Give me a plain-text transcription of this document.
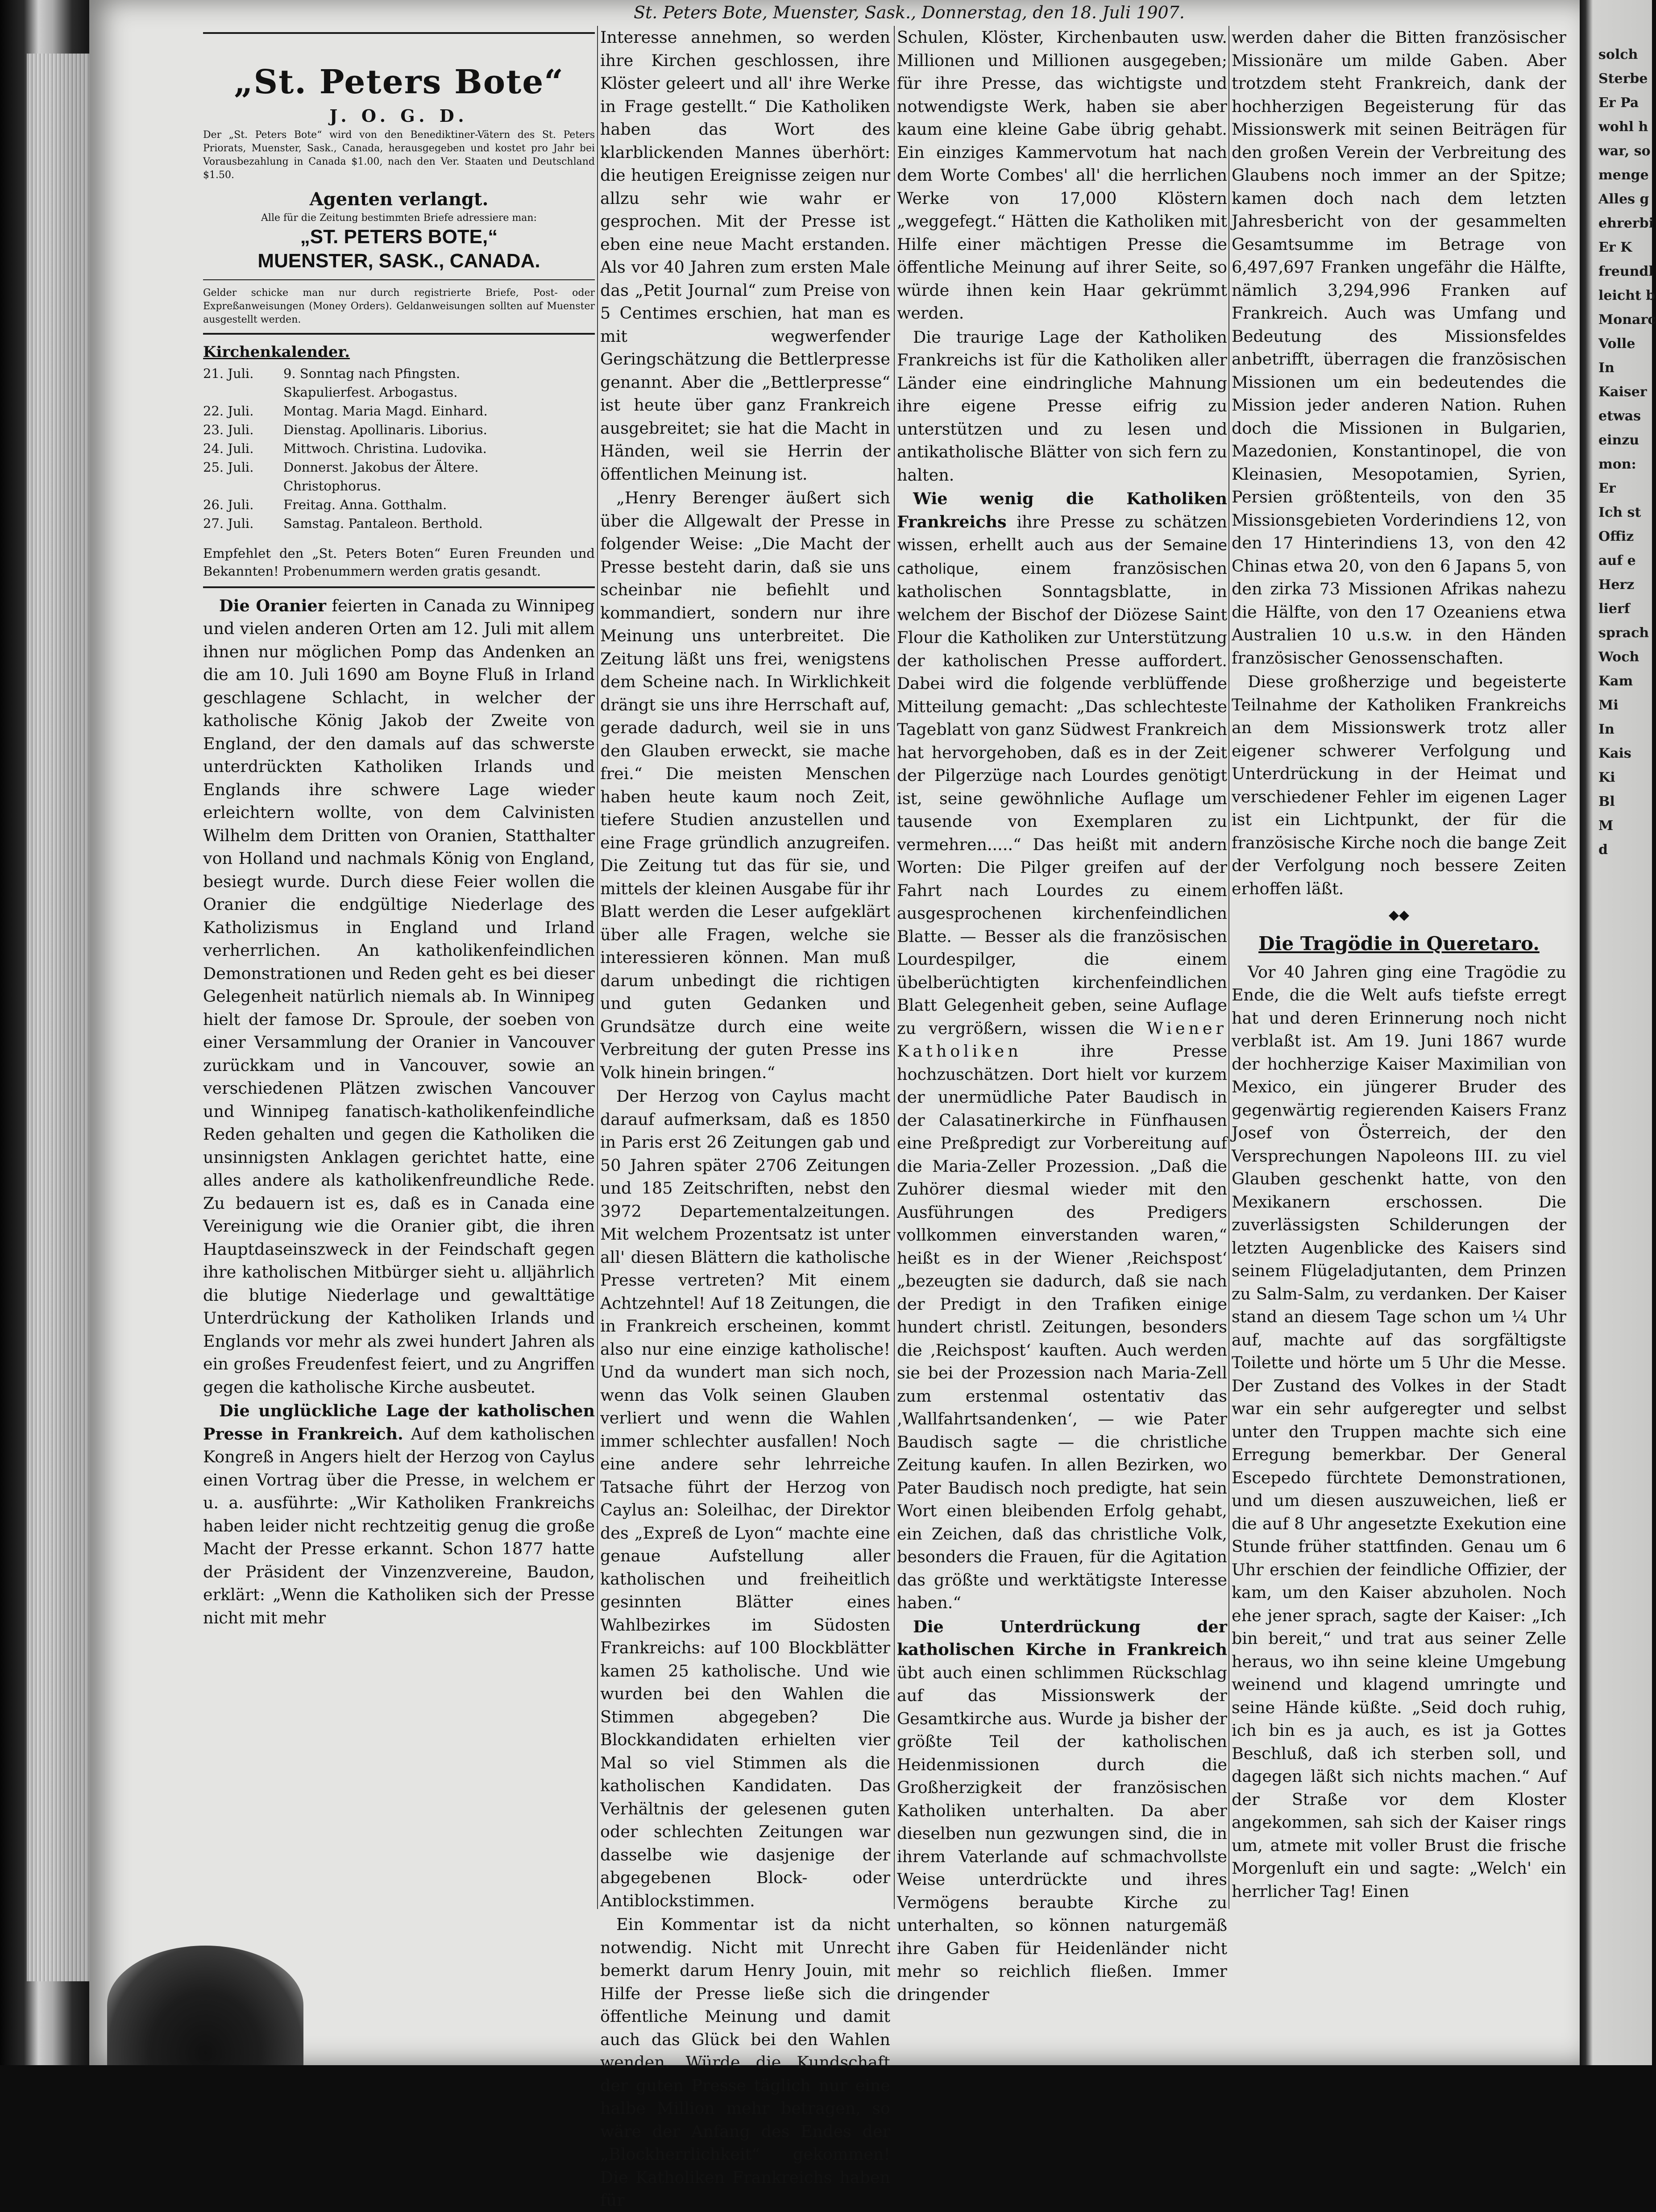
St. Peters Bote, Muenster, Sask., Donnerstag, den 18. Juli 1907.
„St. Peters Bote“
J. O. G. D.
Der „St. Peters Bote“ wird von den Benediktiner-Vätern des St. Peters Priorats, Muenster, Sask., Canada, herausgegeben und kostet pro Jahr bei Vorausbezahlung in Canada $1.00, nach den Ver. Staaten und Deutschland $1.50.
Agenten verlangt.
Alle für die Zeitung bestimmten Briefe adressiere man:
„ST. PETERS BOTE,“
MUENSTER, SASK., CANADA.
Gelder schicke man nur durch registrierte Briefe, Post- oder Expreßanweisungen (Money Orders). Geldanweisungen sollten auf Muenster ausgestellt werden.
Kirchenkalender.
21. Juli. 9. Sonntag nach Pfingsten.
Skapulierfest. Arbogastus.
22. Juli. Montag. Maria Magd. Einhard.
23. Juli. Dienstag. Apollinaris. Liborius.
24. Juli. Mittwoch. Christina. Ludovika.
25. Juli. Donnerst. Jakobus der Ältere.
Christophorus.
26. Juli. Freitag. Anna. Gotthalm.
27. Juli. Samstag. Pantaleon. Berthold.
Empfehlet den „St. Peters Boten“ Euren Freunden und Bekannten! Probenummern werden gratis gesandt.

Die Oranier feierten in Canada zu Winnipeg und vielen anderen Orten am 12. Juli mit allem ihnen nur möglichen Pomp das Andenken an die am 10. Juli 1690 am Boyne Fluß in Irland geschlagene Schlacht, in welcher der katholische König Jakob der Zweite von England, der den damals auf das schwerste unterdrückten Katholiken Irlands und Englands ihre schwere Lage wieder erleichtern wollte, von dem Calvinisten Wilhelm dem Dritten von Oranien, Statthalter von Holland und nachmals König von England, besiegt wurde. Durch diese Feier wollen die Oranier die endgültige Niederlage des Katholizismus in England und Irland verherrlichen. An katholikenfeindlichen Demonstrationen und Reden geht es bei dieser Gelegenheit natürlich niemals ab. In Winnipeg hielt der famose Dr. Sproule, der soeben von einer Versammlung der Oranier in Vancouver zurückkam und in Vancouver, sowie an verschiedenen Plätzen zwischen Vancouver und Winnipeg fanatisch-katholikenfeindliche Reden gehalten und gegen die Katholiken die unsinnigsten Anklagen gerichtet hatte, eine alles andere als katholikenfreundliche Rede. Zu bedauern ist es, daß es in Canada eine Vereinigung wie die Oranier gibt, die ihren Hauptdaseinszweck in der Feindschaft gegen ihre katholischen Mitbürger sieht u. alljährlich die blutige Niederlage und gewalttätige Unterdrückung der Katholiken Irlands und Englands vor mehr als zwei hundert Jahren als ein großes Freudenfest feiert, und zu Angriffen gegen die katholische Kirche ausbeutet.

Die unglückliche Lage der katholischen Presse in Frankreich. Auf dem katholischen Kongreß in Angers hielt der Herzog von Caylus einen Vortrag über die Presse, in welchem er u. a. ausführte: „Wir Katholiken Frankreichs haben leider nicht rechtzeitig genug die große Macht der Presse erkannt. Schon 1877 hatte der Präsident der Vinzenzvereine, Baudon, erklärt: „Wenn die Katholiken sich der Presse nicht mit mehr

Interesse annehmen, so werden ihre Kirchen geschlossen, ihre Klöster geleert und all' ihre Werke in Frage gestellt.“ Die Katholiken haben das Wort des klarblickenden Mannes überhört: die heutigen Ereignisse zeigen nur allzu sehr wie wahr er gesprochen. Mit der Presse ist eben eine neue Macht erstanden. Als vor 40 Jahren zum ersten Male das „Petit Journal“ zum Preise von 5 Centimes erschien, hat man es mit wegwerfender Geringschätzung die Bettlerpresse genannt. Aber die „Bettlerpresse“ ist heute über ganz Frankreich ausgebreitet; sie hat die Macht in Händen, weil sie Herrin der öffentlichen Meinung ist.

„Henry Berenger äußert sich über die Allgewalt der Presse in folgender Weise: „Die Macht der Presse besteht darin, daß sie uns scheinbar nie befiehlt und kommandiert, sondern nur ihre Meinung uns unterbreitet. Die Zeitung läßt uns frei, wenigstens dem Scheine nach. In Wirklichkeit drängt sie uns ihre Herrschaft auf, gerade dadurch, weil sie in uns den Glauben erweckt, sie mache frei.“ Die meisten Menschen haben heute kaum noch Zeit, tiefere Studien anzustellen und eine Frage gründlich anzugreifen. Die Zeitung tut das für sie, und mittels der kleinen Ausgabe für ihr Blatt werden die Leser aufgeklärt über alle Fragen, welche sie interessieren können. Man muß darum unbedingt die richtigen und guten Gedanken und Grundsätze durch eine weite Verbreitung der guten Presse ins Volk hinein bringen.“

Der Herzog von Caylus macht darauf aufmerksam, daß es 1850 in Paris erst 26 Zeitungen gab und 50 Jahren später 2706 Zeitungen und 185 Zeitschriften, nebst den 3972 Departementalzeitungen. Mit welchem Prozentsatz ist unter all' diesen Blättern die katholische Presse vertreten? Mit einem Achtzehntel! Auf 18 Zeitungen, die in Frankreich erscheinen, kommt also nur eine einzige katholische! Und da wundert man sich noch, wenn das Volk seinen Glauben verliert und wenn die Wahlen immer schlechter ausfallen! Noch eine andere sehr lehrreiche Tatsache führt der Herzog von Caylus an: Soleilhac, der Direktor des „Expreß de Lyon“ machte eine genaue Aufstellung aller katholischen und freiheitlich gesinnten Blätter eines Wahlbezirkes im Südosten Frankreichs: auf 100 Blockblätter kamen 25 katholische. Und wie wurden bei den Wahlen die Stimmen abgegeben? Die Blockkandidaten erhielten vier Mal so viel Stimmen als die katholischen Kandidaten. Das Verhältnis der gelesenen guten oder schlechten Zeitungen war dasselbe wie dasjenige der abgegebenen Block- oder Antiblockstimmen.

Ein Kommentar ist da nicht notwendig. Nicht mit Unrecht bemerkt darum Henry Jouin, mit Hilfe der Presse ließe sich die öffentliche Meinung und damit auch das Glück bei den Wahlen wenden. Würde die Kundschaft der guten Presse täglich nur eine halbe Million mehr betragen, so wäre der Anfang des Endes der „Blockherrlichkeit“ gekommen! Die Katholiken Frankreichs haben für

Schulen, Klöster, Kirchenbauten usw. Millionen und Millionen ausgegeben; für ihre Presse, das wichtigste und notwendigste Werk, haben sie aber kaum eine kleine Gabe übrig gehabt. Ein einziges Kammervotum hat nach dem Worte Combes' all' die herrlichen Werke von 17,000 Klöstern „weggefegt.“ Hätten die Katholiken mit Hilfe einer mächtigen Presse die öffentliche Meinung auf ihrer Seite, so würde ihnen kein Haar gekrümmt werden.

Die traurige Lage der Katholiken Frankreichs ist für die Katholiken aller Länder eine eindringliche Mahnung ihre eigene Presse eifrig zu unterstützen und zu lesen und antikatholische Blätter von sich fern zu halten.

Wie wenig die Katholiken Frankreichs ihre Presse zu schätzen wissen, erhellt auch aus der Semaine catholique,	einem französischen katholischen Sonntagsblatte, in welchem der Bischof der Diözese Saint Flour die Katholiken zur Unterstützung der katholischen Presse auffordert. Dabei wird die folgende verblüffende Mitteilung gemacht: „Das schlechteste Tageblatt von ganz Südwest Frankreich hat hervorgehoben, daß es in der Zeit der Pilgerzüge nach Lourdes genötigt ist, seine gewöhnliche Auflage um tausende von Exemplaren zu vermehren.....“ Das heißt mit andern Worten: Die Pilger greifen auf der Fahrt nach Lourdes zu einem ausgesprochenen kirchenfeindlichen Blatte. — Besser als die französischen Lourdespilger, die einem übelberüchtigten kirchenfeindlichen Blatt Gelegenheit geben, seine Auflage zu vergrößern, wissen die Wiener Katholiken	ihre Presse hochzuschätzen. Dort hielt vor kurzem der unermüdliche Pater Baudisch in der Calasatinerkirche in Fünfhausen eine Preßpredigt zur Vorbereitung auf die Maria-Zeller Prozession. „Daß die Zuhörer diesmal wieder mit den Ausführungen des Predigers vollkommen einverstanden waren,“ heißt es in der Wiener ‚Reichspost‘ „bezeugten sie dadurch, daß sie nach der Predigt in den Trafiken einige hundert christl. Zeitungen, besonders die ‚Reichspost‘ kauften. Auch werden sie bei der Prozession nach Maria-Zell zum erstenmal ostentativ das ‚Wallfahrtsandenken‘, — wie Pater Baudisch sagte — die christliche Zeitung kaufen. In allen Bezirken, wo Pater Baudisch noch predigte, hat sein Wort einen bleibenden Erfolg gehabt, ein Zeichen, daß das christliche Volk, besonders die Frauen, für die Agitation das größte und werktätigste Interesse haben.“

Die Unterdrückung der katholischen Kirche in Frankreich übt auch einen schlimmen Rückschlag auf das Missionswerk der Gesamtkirche aus. Wurde ja bisher der größte Teil der katholischen Heidenmissionen durch die Großherzigkeit der französischen Katholiken unterhalten. Da aber dieselben nun gezwungen sind, die in ihrem Vaterlande auf schmachvollste Weise unterdrückte und ihres Vermögens beraubte Kirche zu unterhalten, so können naturgemäß ihre Gaben für Heidenländer nicht mehr so reichlich fließen. Immer dringender

werden daher die Bitten französischer Missionäre um milde Gaben. Aber trotzdem steht Frankreich, dank der hochherzigen Begeisterung für das Missionswerk mit seinen Beiträgen für den großen Verein der Verbreitung des Glaubens noch immer an der Spitze; kamen doch nach dem letzten Jahresbericht von der gesammelten Gesamtsumme im Betrage von 6,497,697 Franken ungefähr die Hälfte, nämlich 3,294,996 Franken auf Frankreich. Auch was Umfang und Bedeutung des Missionsfeldes anbetrifft, überragen die französischen Missionen um ein bedeutendes die Mission jeder anderen Nation. Ruhen doch die Missionen in Bulgarien, Mazedonien, Konstantinopel, die von Kleinasien, Mesopotamien, Syrien, Persien größtenteils, von den 35 Missionsgebieten Vorderindiens 12, von den 17 Hinterindiens 13, von den 42 Chinas etwa 20, von den 6 Japans 5, von den zirka 73 Missionen Afrikas nahezu die Hälfte, von den 17 Ozeaniens etwa Australien 10 u.s.w. in den Händen französischer Genossenschaften.

Diese großherzige und begeisterte Teilnahme der Katholiken Frankreichs an dem Missionswerk trotz aller eigener schwerer Verfolgung und Unterdrückung in der Heimat und verschiedener Fehler im eigenen Lager ist ein Lichtpunkt, der für die französische Kirche noch die bange Zeit der Verfolgung noch bessere Zeiten erhoffen läßt.

◆◆
Die Tragödie in Queretaro.

Vor 40 Jahren ging eine Tragödie zu Ende, die die Welt aufs tiefste erregt hat und deren Erinnerung noch nicht verblaßt ist. Am 19. Juni 1867 wurde der hochherzige Kaiser Maximilian von Mexico, ein jüngerer Bruder des gegenwärtig regierenden Kaisers Franz Josef von Österreich, der den Versprechungen Napoleons III. zu viel Glauben geschenkt hatte, von den Mexikanern erschossen. Die zuverlässigsten Schilderungen der letzten Augenblicke des Kaisers sind seinem Flügeladjutanten, dem Prinzen zu Salm-Salm, zu verdanken. Der Kaiser stand an diesem Tage schon um ¼ Uhr auf, machte auf das sorgfältigste Toilette und hörte um 5 Uhr die Messe. Der Zustand des Volkes in der Stadt war ein sehr aufgeregter und selbst unter den Truppen machte sich eine Erregung bemerkbar. Der General Escepedo fürchtete Demonstrationen, und um diesen auszuweichen, ließ er die auf 8 Uhr angesetzte Exekution eine Stunde früher stattfinden. Genau um 6 Uhr erschien der feindliche Offizier, der kam, um den Kaiser abzuholen. Noch ehe jener sprach, sagte der Kaiser: „Ich bin bereit,“ und trat aus seiner Zelle heraus, wo ihn seine kleine Umgebung weinend und klagend umringte und seine Hände küßte. „Seid doch ruhig, ich bin es ja auch, es ist ja Gottes Beschluß, daß ich sterben soll, und dagegen läßt sich nichts machen.“ Auf der Straße vor dem Kloster angekommen, sah sich der Kaiser rings um, atmete mit voller Brust die frische Morgenluft ein und sagte: „Welch' ein herrlicher Tag! Einen

solch
Sterbe
Er Pa
wohl h
war, so
menge
Alles g
ehrerbi
Er K
freundl
leicht b
Monarc
Volle
In
Kaiser
etwas
einzu
mon:
Er
Ich st
Offiz
auf e
Herz
lierf
sprach
Woch
Kam
Mi
In
Kais
Ki
Bl
M
d
